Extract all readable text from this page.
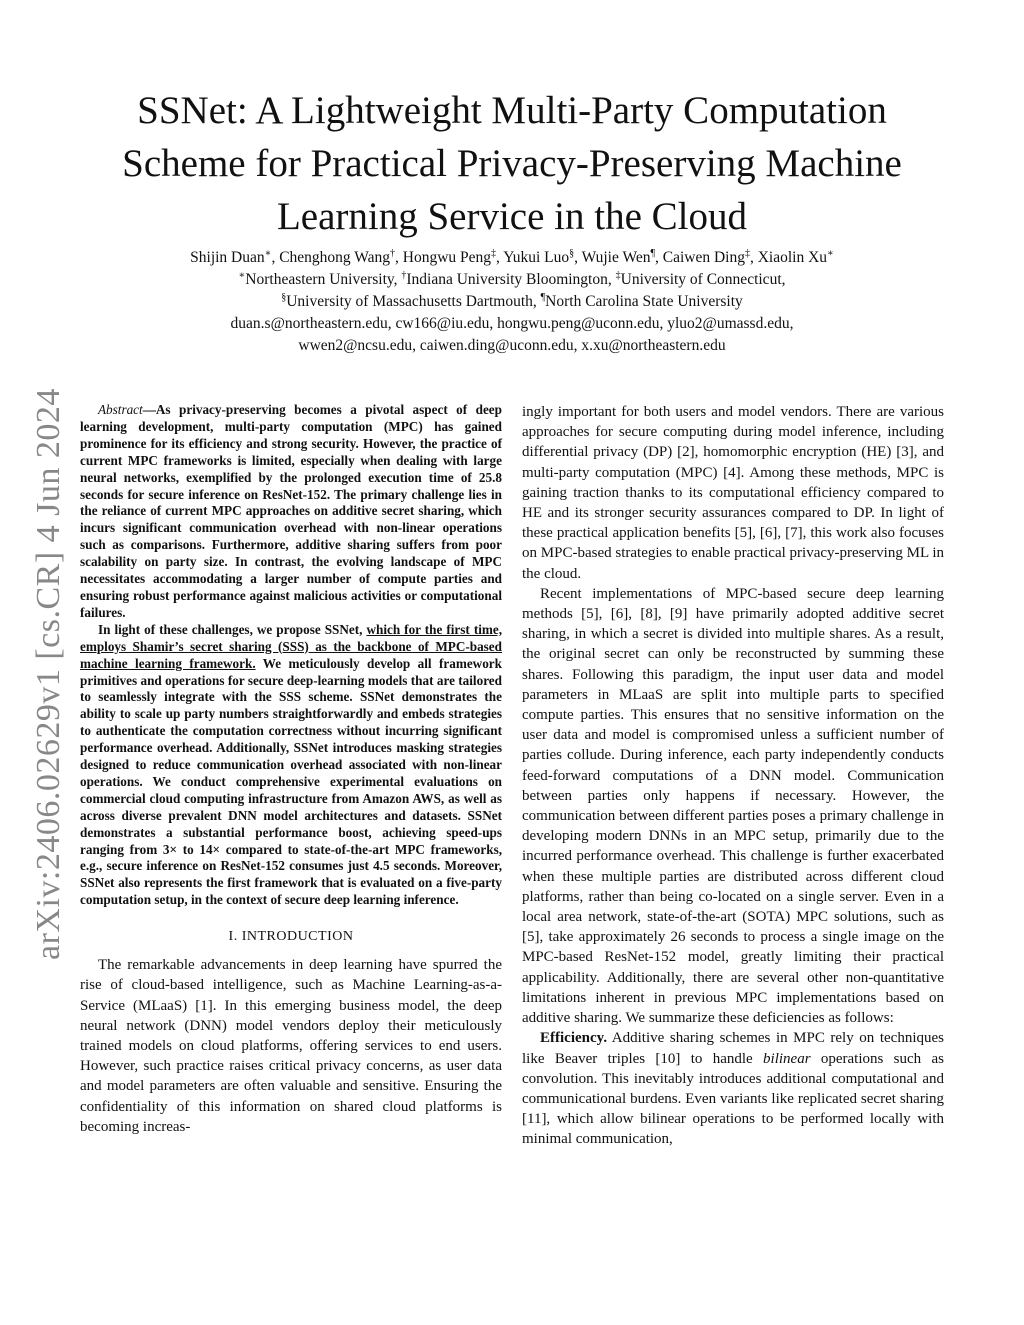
arXiv:2406.02629v1 [cs.CR] 4 Jun 2024
SSNet: A Lightweight Multi-Party Computation
Scheme for Practical Privacy-Preserving Machine
Learning Service in the Cloud
Shijin Duan∗, Chenghong Wang†, Hongwu Peng‡, Yukui Luo§, Wujie Wen¶, Caiwen Ding‡, Xiaolin Xu∗
∗Northeastern University, †Indiana University Bloomington, ‡University of Connecticut,
§University of Massachusetts Dartmouth, ¶North Carolina State University
duan.s@northeastern.edu, cw166@iu.edu, hongwu.peng@uconn.edu, yluo2@umassd.edu,
wwen2@ncsu.edu, caiwen.ding@uconn.edu, x.xu@northeastern.edu

Abstract—As privacy-preserving becomes a pivotal aspect of deep learning development, multi-party computation (MPC) has gained prominence for its efficiency and strong security. However, the practice of current MPC frameworks is limited, especially when dealing with large neural networks, exemplified by the prolonged execution time of 25.8 seconds for secure inference on ResNet-152. The primary challenge lies in the reliance of current MPC approaches on additive secret sharing, which incurs significant communication overhead with non-linear operations such as comparisons. Furthermore, additive sharing suffers from poor scalability on party size. In contrast, the evolving landscape of MPC necessitates accommodating a larger number of compute parties and ensuring robust performance against malicious activities or computational failures.

In light of these challenges, we propose SSNet, which for the first time, employs Shamir’s secret sharing (SSS) as the backbone of MPC-based machine learning framework. We meticulously develop all framework primitives and operations for secure deep-learning models that are tailored to seamlessly integrate with the SSS scheme. SSNet demonstrates the ability to scale up party numbers straightforwardly and embeds strategies to authenticate the computation correctness without incurring significant performance overhead. Additionally, SSNet introduces masking strategies designed to reduce communication overhead associated with non-linear operations. We conduct comprehensive experimental evaluations on commercial cloud computing infrastructure from Amazon AWS, as well as across diverse prevalent DNN model architectures and datasets. SSNet demonstrates a substantial performance boost, achieving speed-ups ranging from 3× to 14× compared to state-of-the-art MPC frameworks, e.g., secure inference on ResNet-152 consumes just 4.5 seconds. Moreover, SSNet also represents the first framework that is evaluated on a five-party computation setup, in the context of secure deep learning inference.

I. INTRODUCTION

The remarkable advancements in deep learning have spurred the rise of cloud-based intelligence, such as Machine Learning-as-a-Service (MLaaS) [1]. In this emerging business model, the deep neural network (DNN) model vendors deploy their meticulously trained models on cloud platforms, offering services to end users. However, such practice raises critical privacy concerns, as user data and model parameters are often valuable and sensitive. Ensuring the confidentiality of this information on shared cloud platforms is becoming increas-

ingly important for both users and model vendors. There are various approaches for secure computing during model inference, including differential privacy (DP) [2], homomorphic encryption (HE) [3], and multi-party computation (MPC) [4]. Among these methods, MPC is gaining traction thanks to its computational efficiency compared to HE and its stronger security assurances compared to DP. In light of these practical application benefits [5], [6], [7], this work also focuses on MPC-based strategies to enable practical privacy-preserving ML in the cloud.

Recent implementations of MPC-based secure deep learning methods [5], [6], [8], [9] have primarily adopted additive secret sharing, in which a secret is divided into multiple shares. As a result, the original secret can only be reconstructed by summing these shares. Following this paradigm, the input user data and model parameters in MLaaS are split into multiple parts to specified compute parties. This ensures that no sensitive information on the user data and model is compromised unless a sufficient number of parties collude. During inference, each party independently conducts feed-forward computations of a DNN model. Communication between parties only happens if necessary. However, the communication between different parties poses a primary challenge in developing modern DNNs in an MPC setup, primarily due to the incurred performance overhead. This challenge is further exacerbated when these multiple parties are distributed across different cloud platforms, rather than being co-located on a single server. Even in a local area network, state-of-the-art (SOTA) MPC solutions, such as [5], take approximately 26 seconds to process a single image on the MPC-based ResNet-152 model, greatly limiting their practical applicability. Additionally, there are several other non-quantitative limitations inherent in previous MPC implementations based on additive sharing. We summarize these deficiencies as follows:

Efficiency. Additive sharing schemes in MPC rely on techniques like Beaver triples [10] to handle bilinear operations such as convolution. This inevitably introduces additional computational and communicational burdens. Even variants like replicated secret sharing [11], which allow bilinear operations to be performed locally with minimal communication,
